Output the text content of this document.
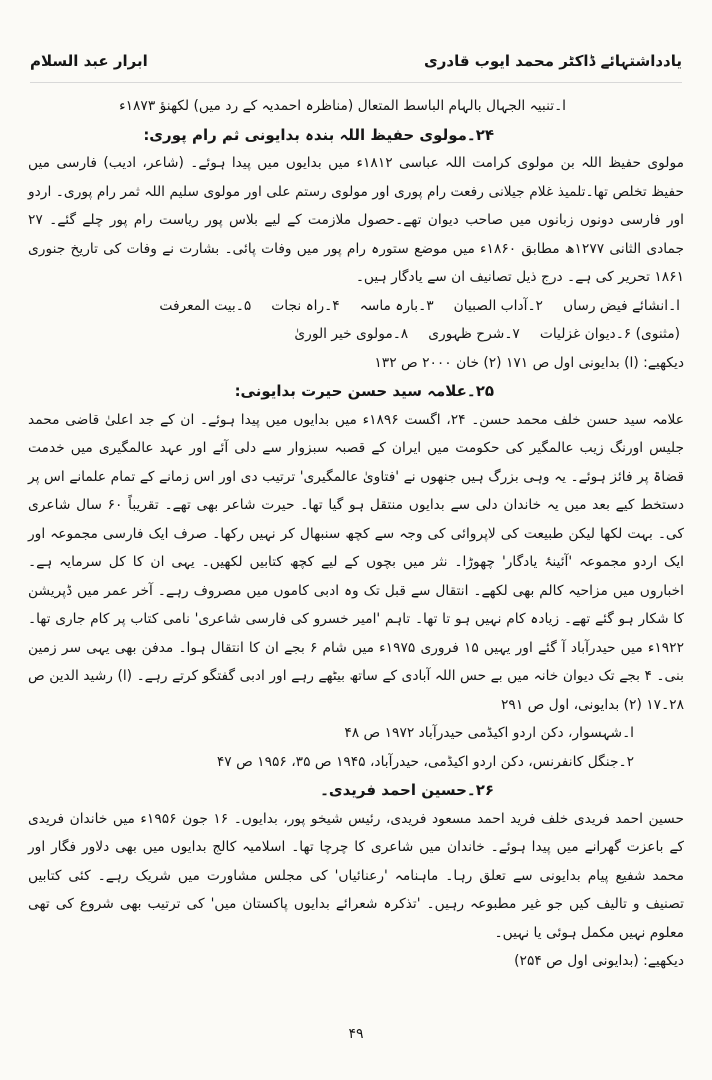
یادداشتہائے ڈاکٹر محمد ایوب قادری
ابرار عبد السلام

ا۔تنبیہ الجہال بالہام الباسط المتعال (مناظرہ احمدیہ کے رد میں) لکھنؤ ۱۸۷۳ء

۲۴۔مولوی حفیظ اللہ بندہ بدایونی ثم رام پوری:

مولوی حفیظ اللہ بن مولوی کرامت اللہ عباسی ۱۸۱۲ء میں بدایوں میں پیدا ہوئے۔ (شاعر، ادیب) فارسی میں حفیظ تخلص تھا۔تلمیذ غلام جیلانی رفعت رام پوری اور مولوی رستم علی اور مولوی سلیم اللہ ثمر رام پوری۔ اردو اور فارسی دونوں زبانوں میں صاحب دیوان تھے۔حصول ملازمت کے لیے بلاس پور ریاست رام پور چلے گئے۔ ۲۷ جمادی الثانی ۱۲۷۷ھ مطابق ۱۸۶۰ء میں موضع ستورہ رام پور میں وفات پائی۔ بشارت نے وفات کی تاریخ جنوری ۱۸۶۱ تحریر کی ہے۔ درج ذیل تصانیف ان سے یادگار ہیں۔

ا۔انشائے فیض رساں
۲۔آداب الصبیان
۳۔بارہ ماسہ
۴۔راہ نجات
۵۔بیت المعرفت
(مثنوی) ۶۔دیوان غزلیات
۷۔شرح ظہوری
۸۔مولوی خیر الوریٰ

دیکھیے: (ا) بدایونی اول ص ۱۷۱ (۲) خان ۲۰۰۰ ص ۱۳۲

۲۵۔علامہ سید حسن حیرت بدایونی:

علامہ سید حسن خلف محمد حسن۔ ۲۴، اگست ۱۸۹۶ء میں بدایوں میں پیدا ہوئے۔ ان کے جد اعلیٰ قاضی محمد جلیس اورنگ زیب عالمگیر کی حکومت میں ایران کے قصبہ سبزوار سے دلی آئے اور عہد عالمگیری میں خدمت قضاۃ پر فائز ہوئے۔ یہ وہی بزرگ ہیں جنھوں نے 'فتاویٰ عالمگیری' ترتیب دی اور اس زمانے کے تمام علمانے اس پر دستخط کیے بعد میں یہ خاندان دلی سے بدایوں منتقل ہو گیا تھا۔ حیرت شاعر بھی تھے۔ تقریباً ۶۰ سال شاعری کی۔ بہت لکھا لیکن طبیعت کی لاپروائی کی وجہ سے کچھ سنبھال کر نہیں رکھا۔ صرف ایک فارسی مجموعہ اور ایک اردو مجموعہ 'آئینۂ یادگار' چھوڑا۔ نثر میں بچوں کے لیے کچھ کتابیں لکھیں۔ یہی ان کا کل سرمایہ ہے۔ اخباروں میں مزاحیہ کالم بھی لکھے۔ انتقال سے قبل تک وہ ادبی کاموں میں مصروف رہے۔ آخر عمر میں ڈپریشن کا شکار ہو گئے تھے۔ زیادہ کام نہیں ہو تا تھا۔ تاہم 'امیر خسرو کی فارسی شاعری' نامی کتاب پر کام جاری تھا۔ ۱۹۲۲ء میں حیدرآباد آ گئے اور یہیں ۱۵ فروری ۱۹۷۵ء میں شام ۶ بجے ان کا انتقال ہوا۔ مدفن بھی یہی سر زمین بنی۔ ۴ بجے تک دیوان خانہ میں بے حس اللہ آبادی کے ساتھ بیٹھے رہے اور ادبی گفتگو کرتے رہے۔ (ا) رشید الدین ص ۲۸۔۱۷ (۲) بدایونی، اول ص ۲۹۱

ا۔شہسوار، دکن اردو اکیڈمی حیدرآباد ۱۹۷۲ ص ۴۸

۲۔جنگل کانفرنس، دکن اردو اکیڈمی، حیدرآباد، ۱۹۴۵ ص ۳۵، ۱۹۵۶ ص ۴۷

۲۶۔حسین احمد فریدی۔

حسین احمد فریدی خلف فرید احمد مسعود فریدی، رئیس شیخو پور، بدایوں۔ ۱۶ جون ۱۹۵۶ء میں خاندان فریدی کے باعزت گھرانے میں پیدا ہوئے۔ خاندان میں شاعری کا چرچا تھا۔ اسلامیہ کالج بدایوں میں بھی دلاور فگار اور محمد شفیع پیام بدایونی سے تعلق رہا۔ ماہنامہ 'رعنائیاں' کی مجلس مشاورت میں شریک رہے۔ کئی کتابیں تصنیف و تالیف کیں جو غیر مطبوعہ رہیں۔ 'تذکرہ شعرائے بدایوں پاکستان میں' کی ترتیب بھی شروع کی تھی معلوم نہیں مکمل ہوئی یا نہیں۔

دیکھیے: (بدایونی اول ص ۲۵۴)

۴۹
